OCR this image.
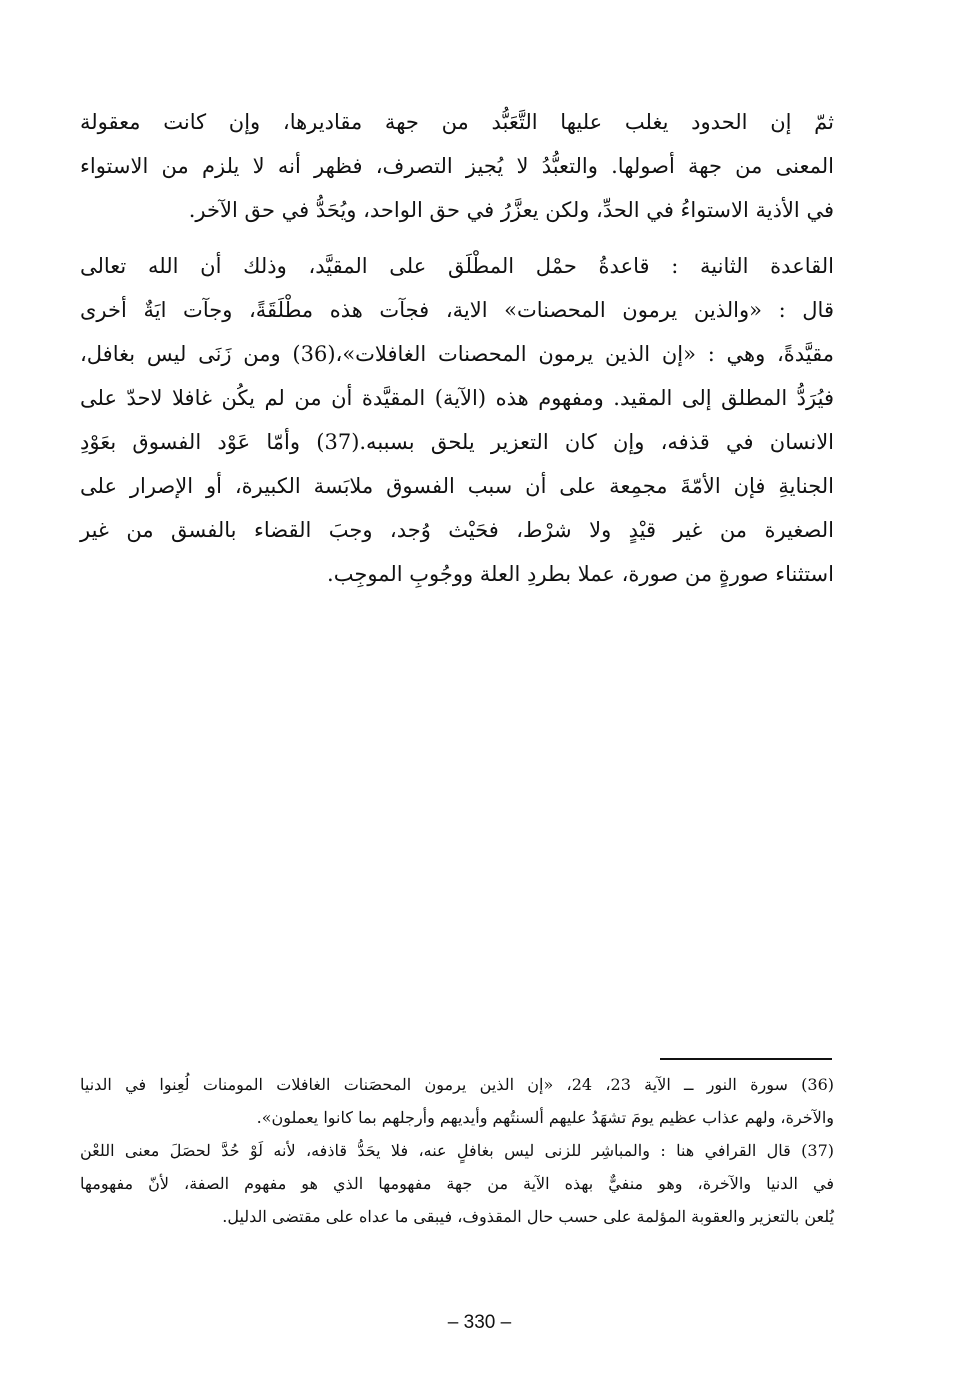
ثمّ إن الحدود يغلب عليها التَّعَبُّد من جهة مقاديرها، وإن كانت معقولة
المعنى من جهة أصولها. والتعبُّدُ لا يُجيز التصرف، فظهر أنه لا يلزم من الاستواء
في الأذية الاستواءُ في الحدِّ، ولكن يعزَّرُ في حق الواحد، ويُحَدُّ في حق الآخر.
القاعدة الثانية : قاعدةُ حمْل المطْلَق على المقيَّد، وذلك أن الله تعالى
قال : «والذين يرمون المحصنات» الاية، فجآت هذه مطْلَقَةً، وجآت ايَةٌ أخرى
مقيَّدةً، وهي : «إن الذين يرمون المحصنات الغافلات»،(36) ومن زَنَى ليس بغافل،
فيُرَدُّ المطلق إلى المقيد. ومفهوم هذه (الآية) المقيَّدة أن من لم يكُن غافلا لاحدّ على
الانسان في قذفه، وإن كان التعزير يلحق بسببه.(37) وأمّا عَوْد الفسوق بعَوْدِ
الجنايةِ فإن الأمّةَ مجمِعة على أن سبب الفسوق ملابَسة الكبيرة، أو الإصرار على
الصغيرة من غير قيْدٍ ولا شرْط، فحَيْث وُجد، وجبَ القضاء بالفسق من غير
استثناء صورةٍ من صورة، عملا بطردِ العلة ووجُوبِ الموجِب.
(36) سورة النور ــ الآية 23، 24، «إن الذين يرمون المحصَنات الغافلات المومنات لُعِنوا في الدنيا
والآخرة، ولهم عذاب عظيم يومَ تشهَدُ عليهم ألسنتُهم وأيديهم وأرجلهم بما كانوا يعملون».
(37) قال القرافي هنا : والمباشِر للزنى ليس بغافلٍ عنه، فلا يحَدُّ قاذفه، لأنه لَوْ حُدَّ لحصَلَ معنى اللعْن
في الدنيا والآخرة، وهو منفيٌّ بهذه الآية من جهة مفهومها الذي هو مفهوم الصفة، لأنّ مفهومها
يُلعن بالتعزير والعقوبة المؤلمة على حسب حال المقذوف، فيبقى ما عداه على مقتضى الدليل.
– 330 –
